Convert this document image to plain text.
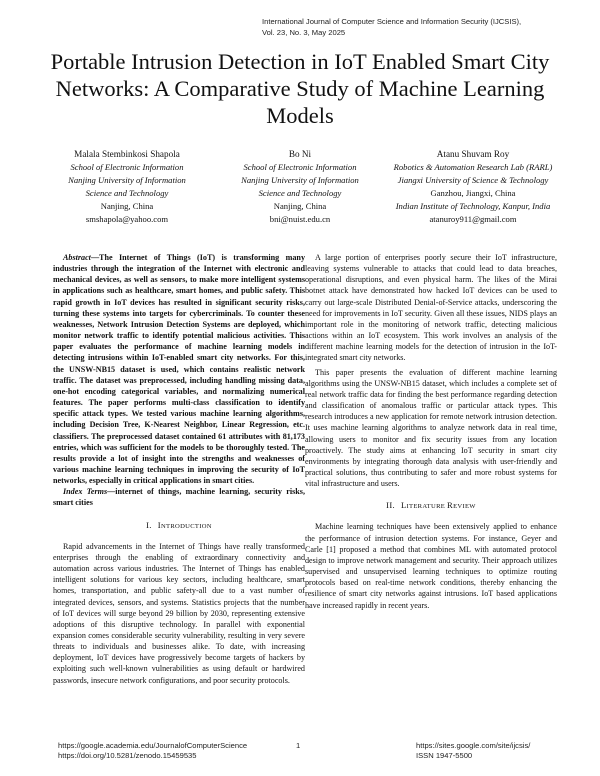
International Journal of Computer Science and Information Security (IJCSIS),
Vol. 23, No. 3, May 2025
Portable Intrusion Detection in IoT Enabled Smart City Networks: A Comparative Study of Machine Learning Models
Malala Stembinkosi Shapola
School of Electronic Information
Nanjing University of Information
Science and Technology
Nanjing, China
smshapola@yahoo.com
Bo Ni
School of Electronic Information
Nanjing University of Information
Science and Technology
Nanjing, China
bni@nuist.edu.cn
Atanu Shuvam Roy
Robotics & Automation Research Lab (RARL)
Jiangxi University of Science & Technology
Ganzhou, Jiangxi, China
Indian Institute of Technology, Kanpur, India
atanuroy911@gmail.com

Abstract—The Internet of Things (IoT) is transforming many industries through the integration of the Internet with electronic and mechanical devices, as well as sensors, to make more intelligent systems in applications such as healthcare, smart homes, and public safety. This rapid growth in IoT devices has resulted in significant security risks, turning these systems into targets for cybercriminals. To counter these weaknesses, Network Intrusion Detection Systems are deployed, which monitor network traffic to identify potential malicious activities. This paper evaluates the performance of machine learning models in detecting intrusions within IoT-enabled smart city networks. For this, the UNSW-NB15 dataset is used, which contains realistic network traffic. The dataset was preprocessed, including handling missing data, one-hot encoding categorical variables, and normalizing numerical features. The paper performs multi-class classification to identify specific attack types. We tested various machine learning algorithms, including Decision Tree, K-Nearest Neighbor, Linear Regression, etc. classifiers. The preprocessed dataset contained 61 attributes with 81,173 entries, which was sufficient for the models to be thoroughly tested. The results provide a lot of insight into the strengths and weaknesses of various machine learning techniques in improving the security of IoT networks, especially in critical applications in smart cities.

Index Terms—internet of things, machine learning, security risks, smart cities

I. INTRODUCTION

Rapid advancements in the Internet of Things have really transformed enterprises through the enabling of extraordinary connectivity and automation across various industries. The Internet of Things has enabled intelligent solutions for various key sectors, including healthcare, smart homes, transportation, and public safety-all due to a vast number of integrated devices, sensors, and systems. Statistics projects that the number of IoT devices will surge beyond 29 billion by 2030, representing extensive adoptions of this disruptive technology. In parallel with exponential expansion comes considerable security vulnerability, resulting in very severe threats to individuals and businesses alike. To date, with increasing deployment, IoT devices have progressively become targets of hackers by exploiting such well-known vulnerabilities as using default or hardwired passwords, insecure network configurations, and poor security protocols.

A large portion of enterprises poorly secure their IoT infrastructure, leaving systems vulnerable to attacks that could lead to data breaches, operational disruptions, and even physical harm. The likes of the Mirai botnet attack have demonstrated how hacked IoT devices can be used to carry out large-scale Distributed Denial-of-Service attacks, underscoring the need for improvements in IoT security. Given all these issues, NIDS plays an important role in the monitoring of network traffic, detecting malicious actions within an IoT ecosystem. This work involves an analysis of the different machine learning models for the detection of intrusion in the IoT-integrated smart city networks.

This paper presents the evaluation of different machine learning algorithms using the UNSW-NB15 dataset, which includes a complete set of real network traffic data for finding the best performance regarding detection and classification of anomalous traffic or particular attack types. This research introduces a new application for remote network intrusion detection. It uses machine learning algorithms to analyze network data in real time, allowing users to monitor and fix security issues from any location proactively. The study aims at enhancing IoT security in smart city environments by integrating thorough data analysis with user-friendly and practical solutions, thus contributing to safer and more robust systems for vital infrastructure and users.

II. LITERATURE REVIEW

Machine learning techniques have been extensively applied to enhance the performance of intrusion detection systems. For instance, Geyer and Carle [1] proposed a method that combines ML with automated protocol design to improve network management and security. Their approach utilizes supervised and unsupervised learning techniques to optimize routing protocols based on real-time network conditions, thereby enhancing the resilience of smart city networks against intrusions. IoT based applications have increased rapidly in recent years.

https://google.academia.edu/JournalofComputerScience
https://doi.org/10.5281/zenodo.15459535
1	https://sites.google.com/site/ijcsis/
ISSN 1947-5500
